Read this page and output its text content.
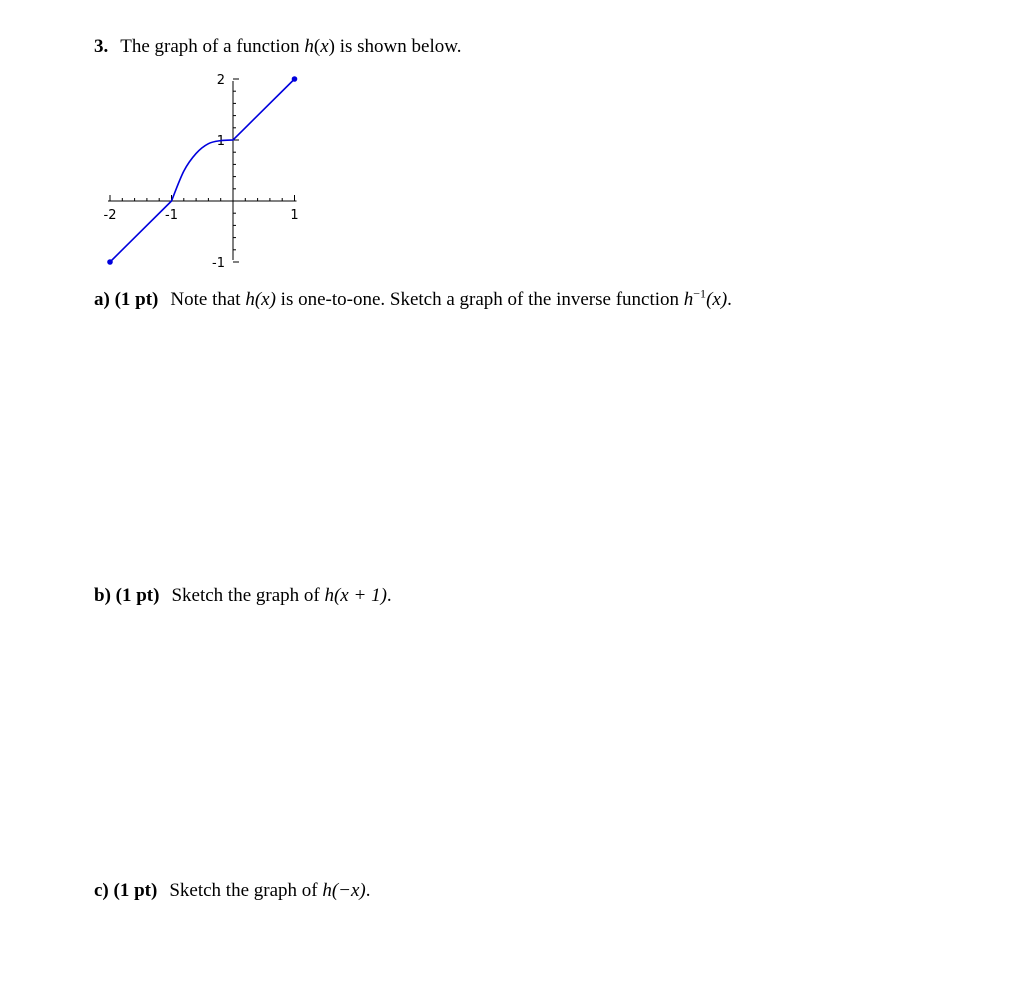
3. The graph of a function h(x) is shown below.
-2	-1	1
2
1
-1
a) (1 pt) Note that h(x) is one-to-one. Sketch a graph of the inverse function $h^{-1}(x)$.
b) (1 pt) Sketch the graph of h(x + 1).
c) (1 pt) Sketch the graph of h(−x).
